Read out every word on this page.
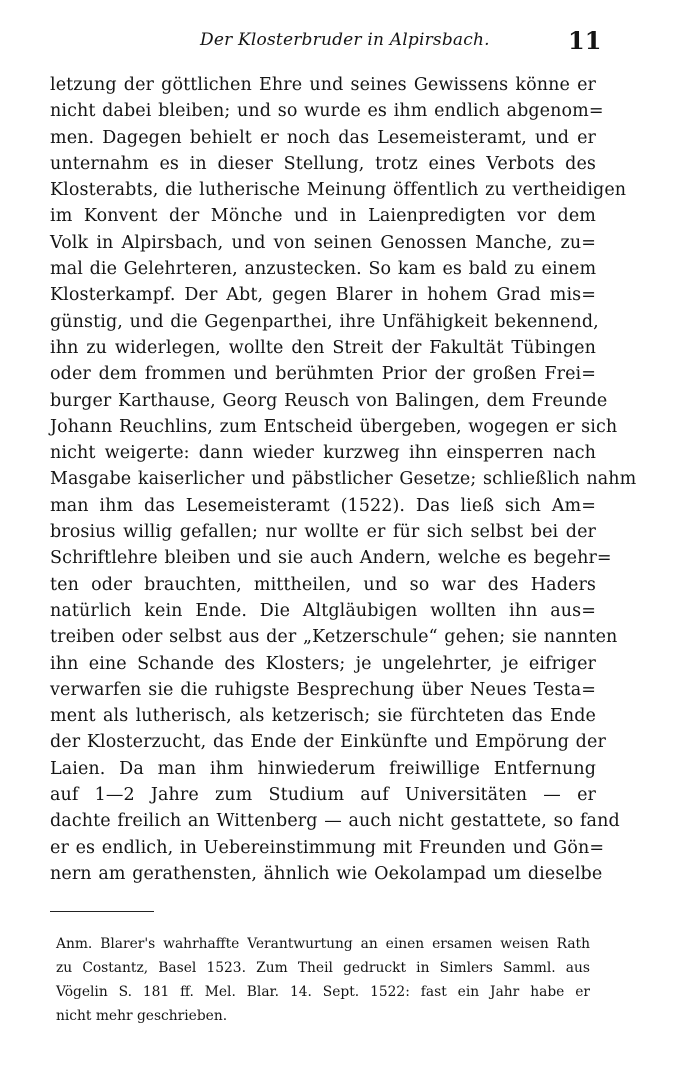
Der Klosterbruder in Alpirsbach.	11
letzung der göttlichen Ehre und seines Gewissens könne er
nicht dabei bleiben; und so wurde es ihm endlich abgenom=
men. Dagegen behielt er noch das Lesemeisteramt, und er
unternahm es in dieser Stellung, trotz eines Verbots des
Klosterabts, die lutherische Meinung öffentlich zu vertheidigen
im Konvent der Mönche und in Laienpredigten vor dem
Volk in Alpirsbach, und von seinen Genossen Manche, zu=
mal die Gelehrteren, anzustecken. So kam es bald zu einem
Klosterkampf. Der Abt, gegen Blarer in hohem Grad mis=
günstig, und die Gegenparthei, ihre Unfähigkeit bekennend,
ihn zu widerlegen, wollte den Streit der Fakultät Tübingen
oder dem frommen und berühmten Prior der großen Frei=
burger Karthause, Georg Reusch von Balingen, dem Freunde
Johann Reuchlins, zum Entscheid übergeben, wogegen er sich
nicht weigerte: dann wieder kurzweg ihn einsperren nach
Masgabe kaiserlicher und päbstlicher Gesetze; schließlich nahm
man ihm das Lesemeisteramt (1522). Das ließ sich Am=
brosius willig gefallen; nur wollte er für sich selbst bei der
Schriftlehre bleiben und sie auch Andern, welche es begehr=
ten oder brauchten, mittheilen, und so war des Haders
natürlich kein Ende. Die Altgläubigen wollten ihn aus=
treiben oder selbst aus der „Ketzerschule“ gehen; sie nannten
ihn eine Schande des Klosters; je ungelehrter, je eifriger
verwarfen sie die ruhigste Besprechung über Neues Testa=
ment als lutherisch, als ketzerisch; sie fürchteten das Ende
der Klosterzucht, das Ende der Einkünfte und Empörung der
Laien. Da man ihm hinwiederum freiwillige Entfernung
auf 1—2 Jahre zum Studium auf Universitäten — er
dachte freilich an Wittenberg — auch nicht gestattete, so fand
er es endlich, in Uebereinstimmung mit Freunden und Gön=
nern am gerathensten, ähnlich wie Oekolampad um dieselbe
Anm. Blarer's wahrhaffte Verantwurtung an einen ersamen weisen Rath
zu Costantz, Basel 1523. Zum Theil gedruckt in Simlers Samml. aus
Vögelin S. 181 ff. Mel. Blar. 14. Sept. 1522: fast ein Jahr habe er
nicht mehr geschrieben.
